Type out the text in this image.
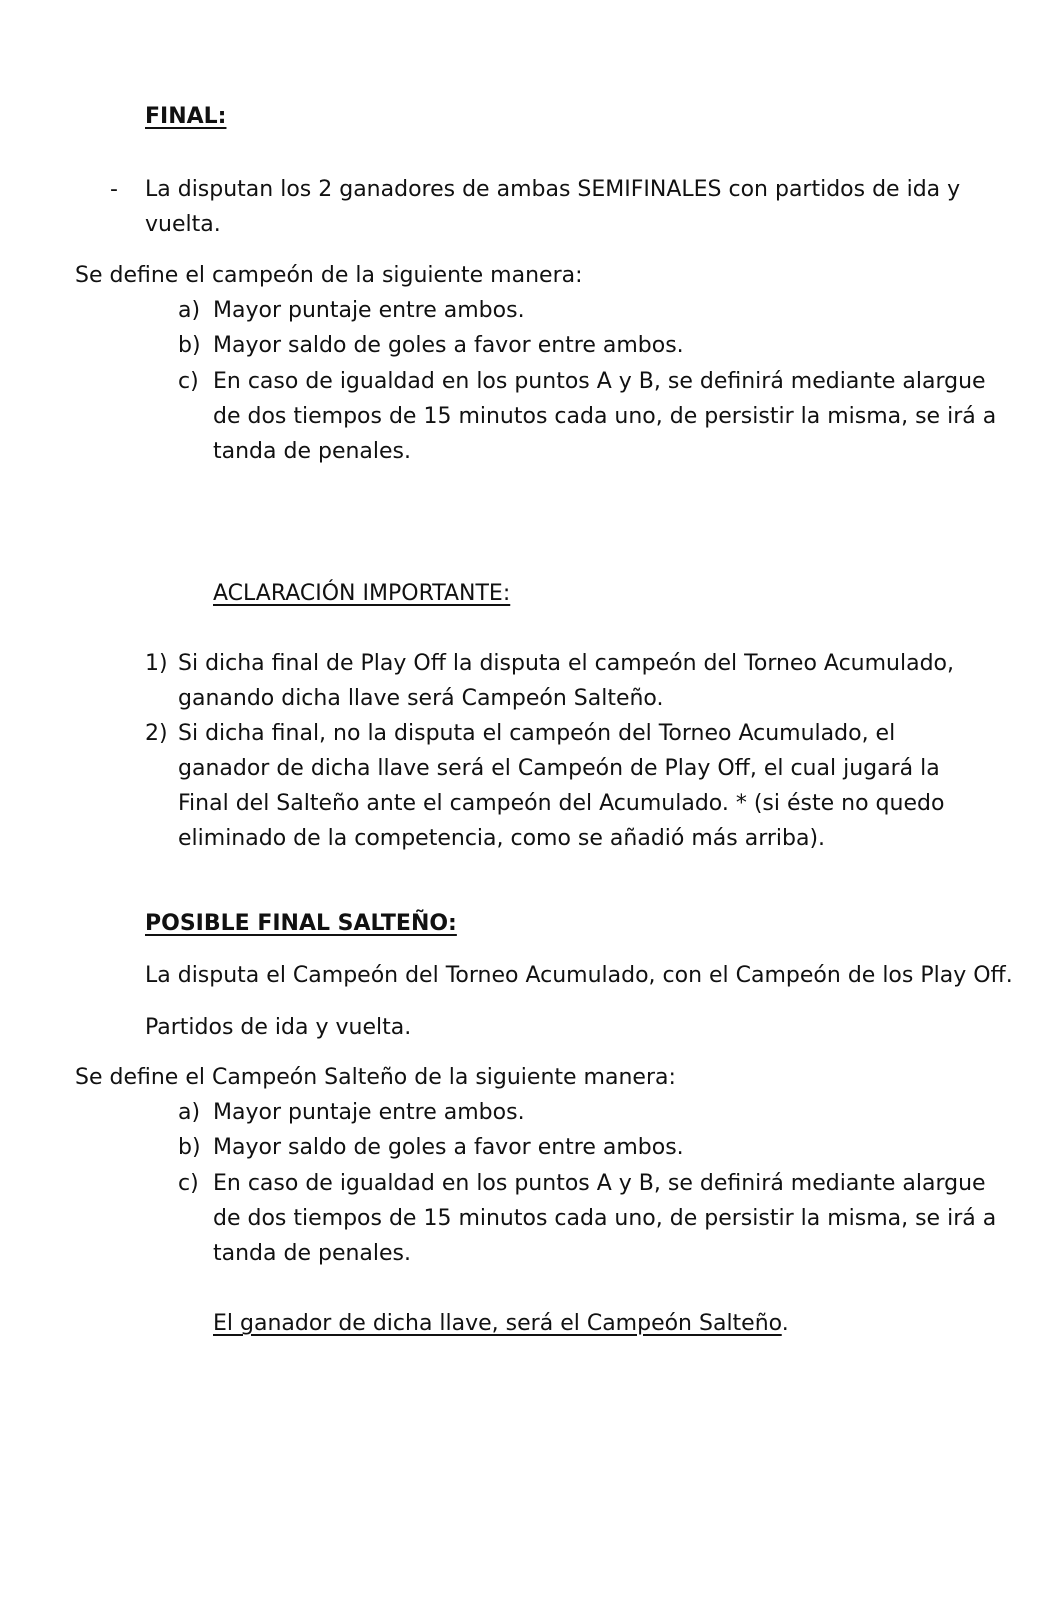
FINAL:
- La disputan los 2 ganadores de ambas SEMIFINALES con partidos de ida y vuelta.
Se define el campeón de la siguiente manera:
a) Mayor puntaje entre ambos.
b) Mayor saldo de goles a favor entre ambos.
c) En caso de igualdad en los puntos A y B, se definirá mediante alargue de dos tiempos de 15 minutos cada uno, de persistir la misma, se irá a tanda de penales.
ACLARACIÓN IMPORTANTE:
1) Si dicha final de Play Off la disputa el campeón del Torneo Acumulado, ganando dicha llave será Campeón Salteño.
2) Si dicha final, no la disputa el campeón del Torneo Acumulado, el ganador de dicha llave será el Campeón de Play Off, el cual jugará la Final del Salteño ante el campeón del Acumulado. * (si éste no quedo eliminado de la competencia, como se añadió más arriba).
POSIBLE FINAL SALTEÑO:
La disputa el Campeón del Torneo Acumulado, con el Campeón de los Play Off.
Partidos de ida y vuelta.
Se define el Campeón Salteño de la siguiente manera:
a) Mayor puntaje entre ambos.
b) Mayor saldo de goles a favor entre ambos.
c) En caso de igualdad en los puntos A y B, se definirá mediante alargue de dos tiempos de 15 minutos cada uno, de persistir la misma, se irá a tanda de penales.
El ganador de dicha llave, será el Campeón Salteño.
